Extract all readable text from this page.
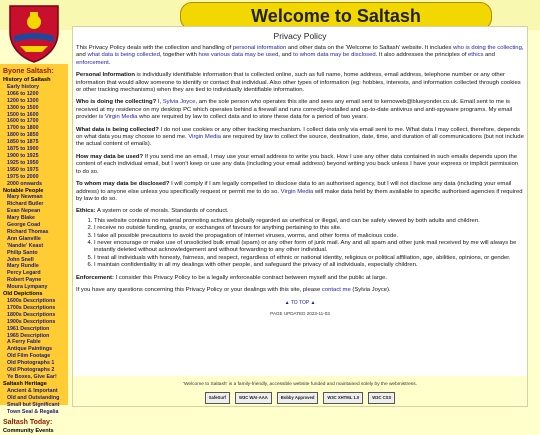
Welcome to Saltash
Byone Saltash:
History of Saltash
Early history
1066 to 1200
1200 to 1300
1300 to 1500
1500 to 1600
1600 to 1700
1700 to 1800
1800 to 1850
1850 to 1875
1875 to 1900
1900 to 1925
1925 to 1950
1950 to 1975
1975 to 2000
2000 onwards
Notable People
Mary Newman
Richard Butler
Evan Nepean
Mary Blake
George Coad
Richard Thomas
Ann Glanville
'Nandie' Keast
Philip Santo
John Snell
Mary Rundle
Percy Legard
Robert Payne
Moura Lympany
Old Depictions
1600s Descriptions
1700s Descriptions
1800s Descriptions
1900s Descriptions
1961 Description
1965 Description
A Ferry Fable
Antique Paintings
Old Film Footage
Old Photographs 1
Old Photographs 2
Ye Boxes, Give Ear!
Saltash Heritage
Ancient & Important
Old and Outstanding
Small but Significant
Town Seal & Regalia
Saltash Today:
Community Events
Privacy Policy

This Privacy Policy deals with the collection and handling of personal information and other data on the 'Welcome to Saltash' website. It includes who is doing the collecting, and what data is being collected, together with how various data may be used, and to whom data may be disclosed. It also addresses the principles of ethics and enforcement.

Personal Information is individually identifiable information that is collected online, such as full name, home address, email address, telephone number or any other information that would allow someone to identify or contact that individual. Also other types of information (eg: hobbies, interests, and information collected through cookies or other tracking mechanisms) when they are tied to individually identifiable information.

Who is doing the collecting? I, Sylvia Joyce, am the sole person who operates this site and sees any email sent to kernoweb@blueyonder.co.uk. Email sent to me is received at my residence on my desktop PC which operates behind a firewall and runs correctly-installed and up-to-date antivirus and anti-spyware programs. My email provider is Virgin Media who are required by law to collect data and to store these data for a period of two years.

What data is being collected? I do not use cookies or any other tracking mechanism. I collect data only via email sent to me. What data I may collect, therefore, depends on what data you may choose to send me. Virgin Media are required by law to collect the source, destination, date, time, and duration of all communications (but not include the actual content of emails).

How may data be used? If you send me an email, I may use your email address to write you back. How I use any other data contained in such emails depends upon the content of each individual email, but I won't keep or use any data (including your email address) beyond writing you back unless I have your express or implicit permission to do so.

To whom may data be disclosed? I will comply if I am legally compelled to disclose data to an authorised agency, but I will not disclose any data (including your email address) to anyone else unless you specifically request or permit me to do so. Virgin Media will make data held by them available to specific authorised agencies if required by law to do so.

Ethics: A system or code of morals. Standards of conduct.

1. This website contains no material promoting activities globally regarded as unethical or illegal, and can be safely viewed by both adults and children.
2. I receive no outside funding, grants, or exchanges of favours for anything pertaining to this site.
3. I take all possible precautions to avoid the propagation of internet viruses, worms, and other forms of malicious code.
4. I never encourage or make use of unsolicited bulk email (spam) or any other form of junk mail. Any and all spam and other junk mail received by me will always be instantly deleted without acknowledgement and without forwarding to any other individual.
5. I treat all individuals with honesty, fairness, and respect, regardless of ethnic or national identity, religious or political affiliation, age, abilities, opinions, or gender.
6. I maintain confidentiality in all my dealings with other people, and safeguard the privacy of all individuals, especially children.

Enforcement: I consider this Privacy Policy to be a legally enforceable contract between myself and the public at large.

If you have any questions concerning this Privacy Policy or your dealings with this site, please contact me (Sylvia Joyce).

▲ TO TOP ▲
PAGE UPDATED 2023-11-03
'Welcome to Saltash' is a family-friendly, accessible website funded and maintained solely by the webmistress.
SafeSurf	W3C WAI-AAA	Bobby Approved	W3C XHTML 1.0	W3C CSS
